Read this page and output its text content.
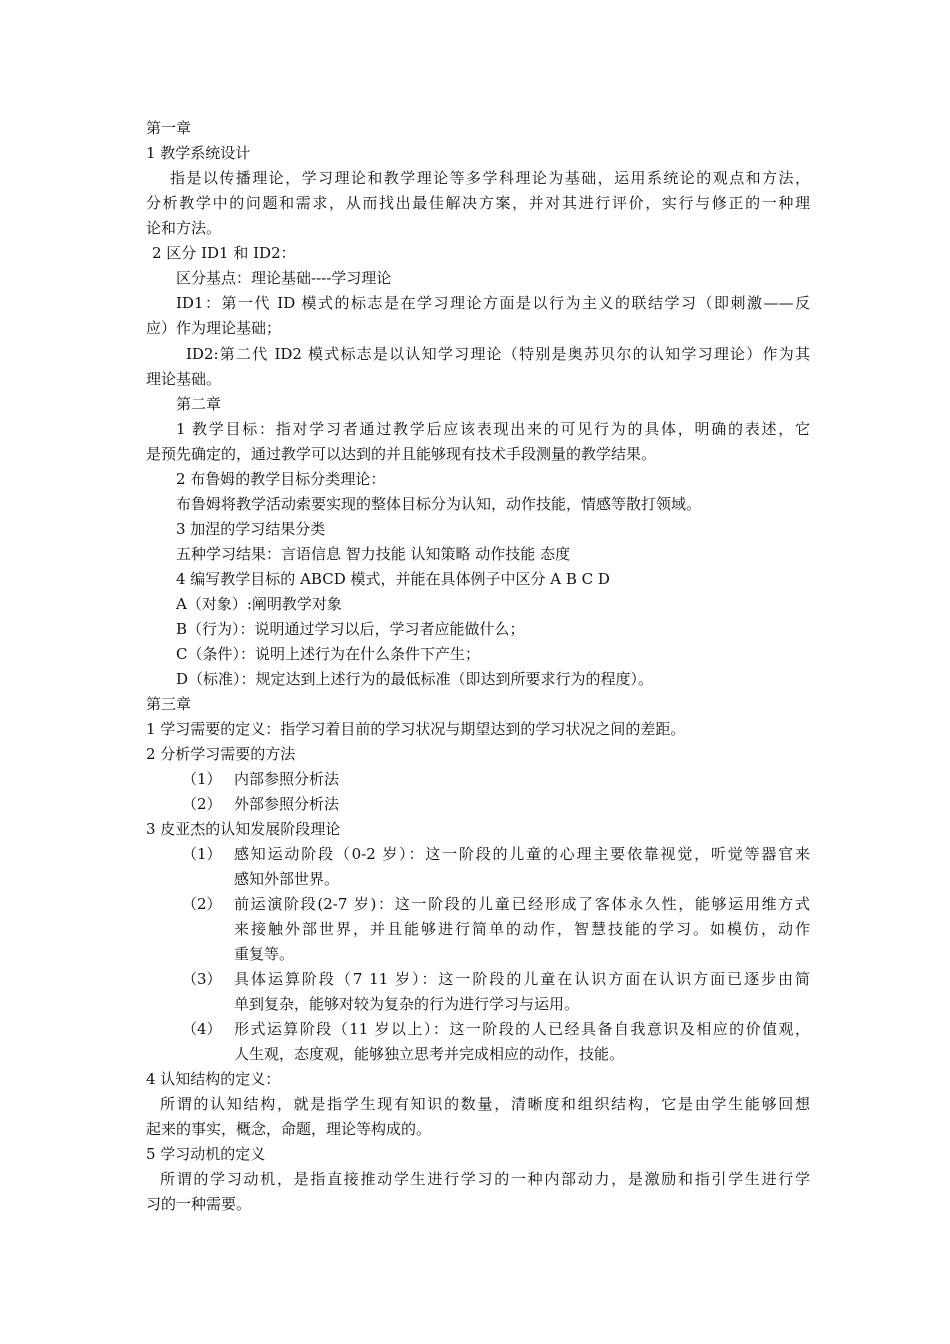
第一章
1 教学系统设计
指是以传播理论，学习理论和教学理论等多学科理论为基础，运用系统论的观点和方法，
分析教学中的问题和需求，从而找出最佳解决方案，并对其进行评价，实行与修正的一种理
论和方法。
2 区分 ID1 和 ID2：
区分基点：理论基础----学习理论
ID1：第一代 ID 模式的标志是在学习理论方面是以行为主义的联结学习（即刺激——反
应）作为理论基础；
ID2:第二代 ID2 模式标志是以认知学习理论（特别是奥苏贝尔的认知学习理论）作为其
理论基础。
第二章
1 教学目标：指对学习者通过教学后应该表现出来的可见行为的具体，明确的表述，它
是预先确定的，通过教学可以达到的并且能够现有技术手段测量的教学结果。
2 布鲁姆的教学目标分类理论：
布鲁姆将教学活动索要实现的整体目标分为认知，动作技能，情感等散打领域。
3 加涅的学习结果分类
五种学习结果：言语信息 智力技能 认知策略 动作技能 态度
4 编写教学目标的 ABCD 模式，并能在具体例子中区分 A B C D
A（对象）:阐明教学对象
B（行为）：说明通过学习以后，学习者应能做什么；
C（条件）：说明上述行为在什么条件下产生；
D（标准）：规定达到上述行为的最低标准（即达到所要求行为的程度）。
第三章
1 学习需要的定义：指学习着目前的学习状况与期望达到的学习状况之间的差距。
2 分析学习需要的方法
（1） 内部参照分析法
（2） 外部参照分析法
3 皮亚杰的认知发展阶段理论
（1） 感知运动阶段（0-2 岁）：这一阶段的儿童的心理主要依靠视觉，听觉等器官来
感知外部世界。
（2） 前运演阶段(2-7 岁)：这一阶段的儿童已经形成了客体永久性，能够运用维方式
来接触外部世界，并且能够进行简单的动作，智慧技能的学习。如模仿，动作
重复等。
（3） 具体运算阶段（7 11 岁）：这一阶段的儿童在认识方面在认识方面已逐步由简
单到复杂，能够对较为复杂的行为进行学习与运用。
（4） 形式运算阶段（11 岁以上）：这一阶段的人已经具备自我意识及相应的价值观，
人生观，态度观，能够独立思考并完成相应的动作，技能。
4 认知结构的定义：
所谓的认知结构，就是指学生现有知识的数量，清晰度和组织结构，它是由学生能够回想
起来的事实，概念，命题，理论等构成的。
5 学习动机的定义
所谓的学习动机，是指直接推动学生进行学习的一种内部动力，是激励和指引学生进行学
习的一种需要。
